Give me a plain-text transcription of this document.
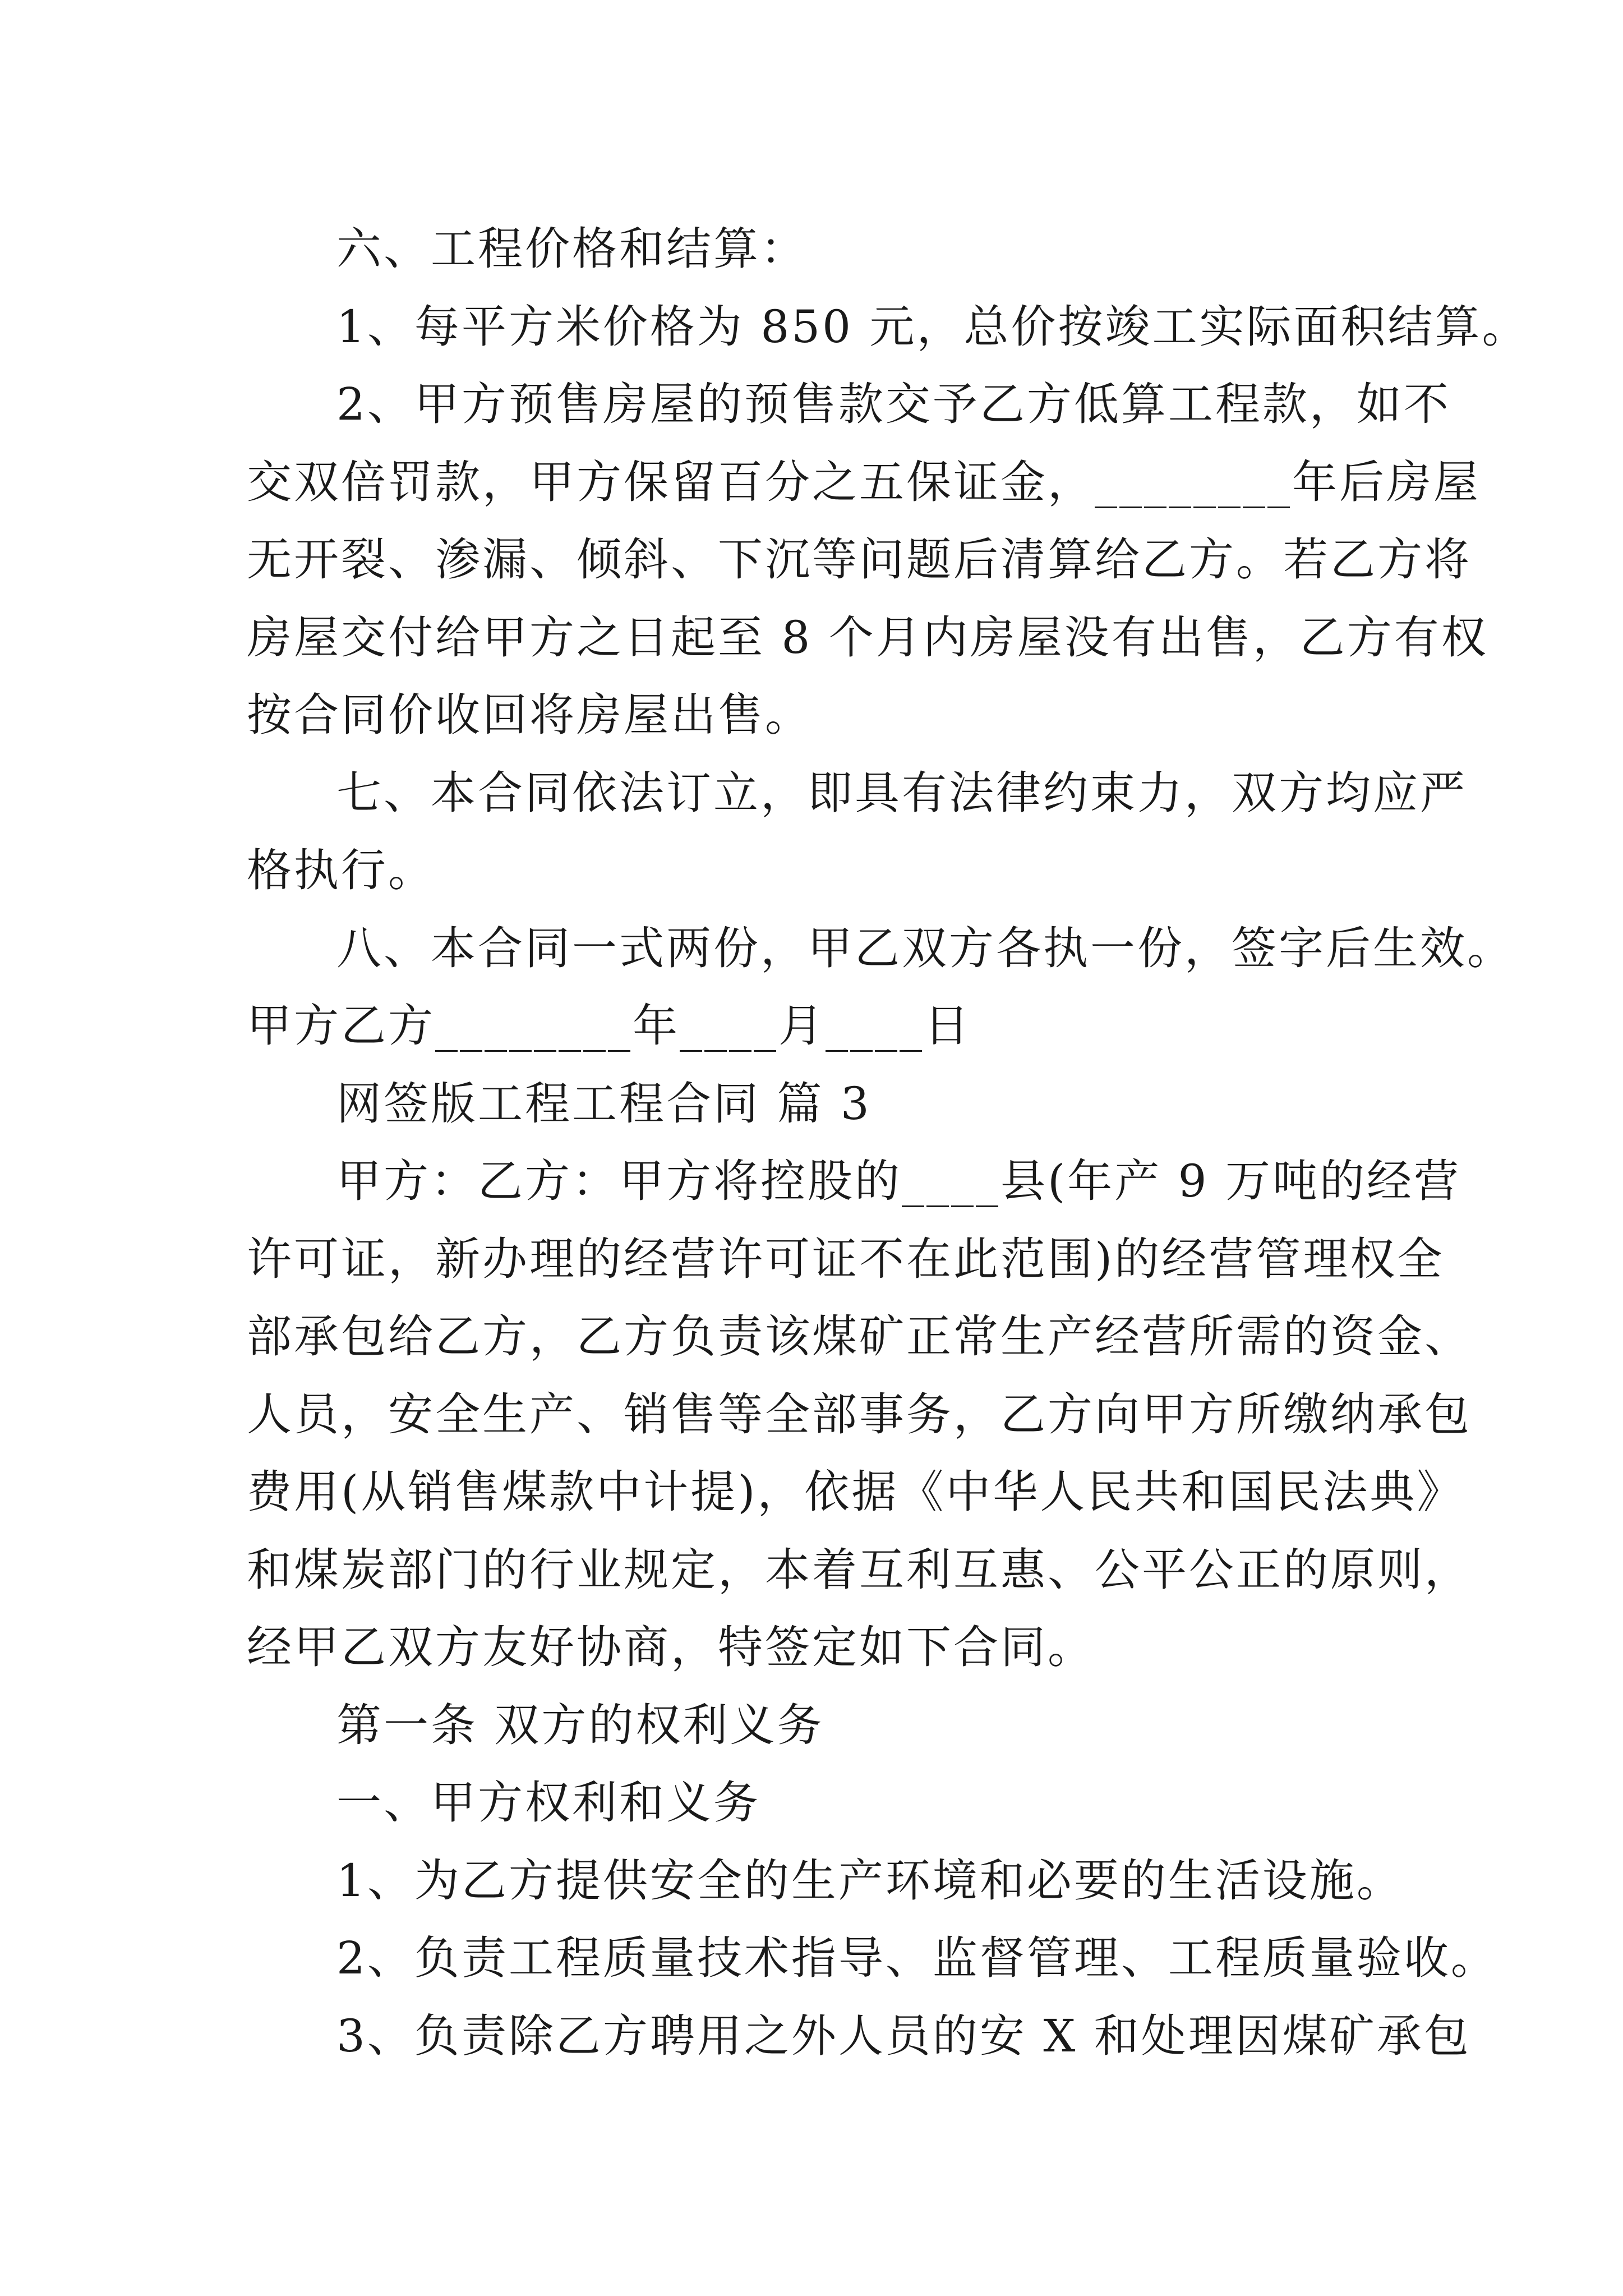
六、工程价格和结算：

1、每平方米价格为 850 元，总价按竣工实际面积结算。

2、甲方预售房屋的预售款交予乙方低算工程款，如不

交双倍罚款，甲方保留百分之五保证金，________年后房屋

无开裂、渗漏、倾斜、下沉等问题后清算给乙方。若乙方将

房屋交付给甲方之日起至 8 个月内房屋没有出售，乙方有权

按合同价收回将房屋出售。

七、本合同依法订立，即具有法律约束力，双方均应严

格执行。

八、本合同一式两份，甲乙双方各执一份，签字后生效。

甲方乙方________年____月____日

网签版工程工程合同 篇 3

甲方：乙方：甲方将控股的____县(年产 9 万吨的经营

许可证，新办理的经营许可证不在此范围)的经营管理权全

部承包给乙方，乙方负责该煤矿正常生产经营所需的资金、

人员，安全生产、销售等全部事务，乙方向甲方所缴纳承包

费用(从销售煤款中计提)，依据《中华人民共和国民法典》

和煤炭部门的行业规定，本着互利互惠、公平公正的原则，

经甲乙双方友好协商，特签定如下合同。

第一条 双方的权利义务

一、甲方权利和义务

1、为乙方提供安全的生产环境和必要的生活设施。

2、负责工程质量技术指导、监督管理、工程质量验收。

3、负责除乙方聘用之外人员的安 X 和处理因煤矿承包
